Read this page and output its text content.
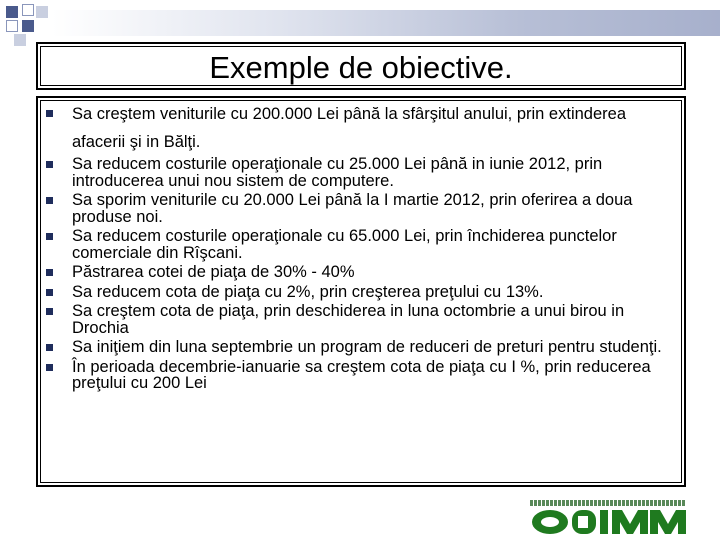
Exemple de obiective.
Sa creştem veniturile cu 200.000 Lei până la sfârşitul anului, prin extinderea afacerii şi in Bălţi.
Sa reducem costurile operaţionale cu 25.000 Lei până in iunie 2012, prin introducerea unui nou sistem de computere.
Sa sporim veniturile cu 20.000 Lei până la I martie 2012, prin oferirea a doua produse noi.
Sa reducem costurile operaţionale cu 65.000 Lei, prin închiderea punctelor comerciale din Rîşcani.
Păstrarea cotei de piaţa de 30% - 40%
Sa reducem cota de piaţa cu 2%, prin creşterea preţului cu 13%.
Sa creştem cota de piaţa, prin deschiderea in luna octombrie a unui birou in Drochia
Sa iniţiem din luna septembrie un program de reduceri de preturi pentru studenţi.
În perioada decembrie-ianuarie sa creştem cota de piaţa cu I %, prin reducerea preţului cu 200 Lei
